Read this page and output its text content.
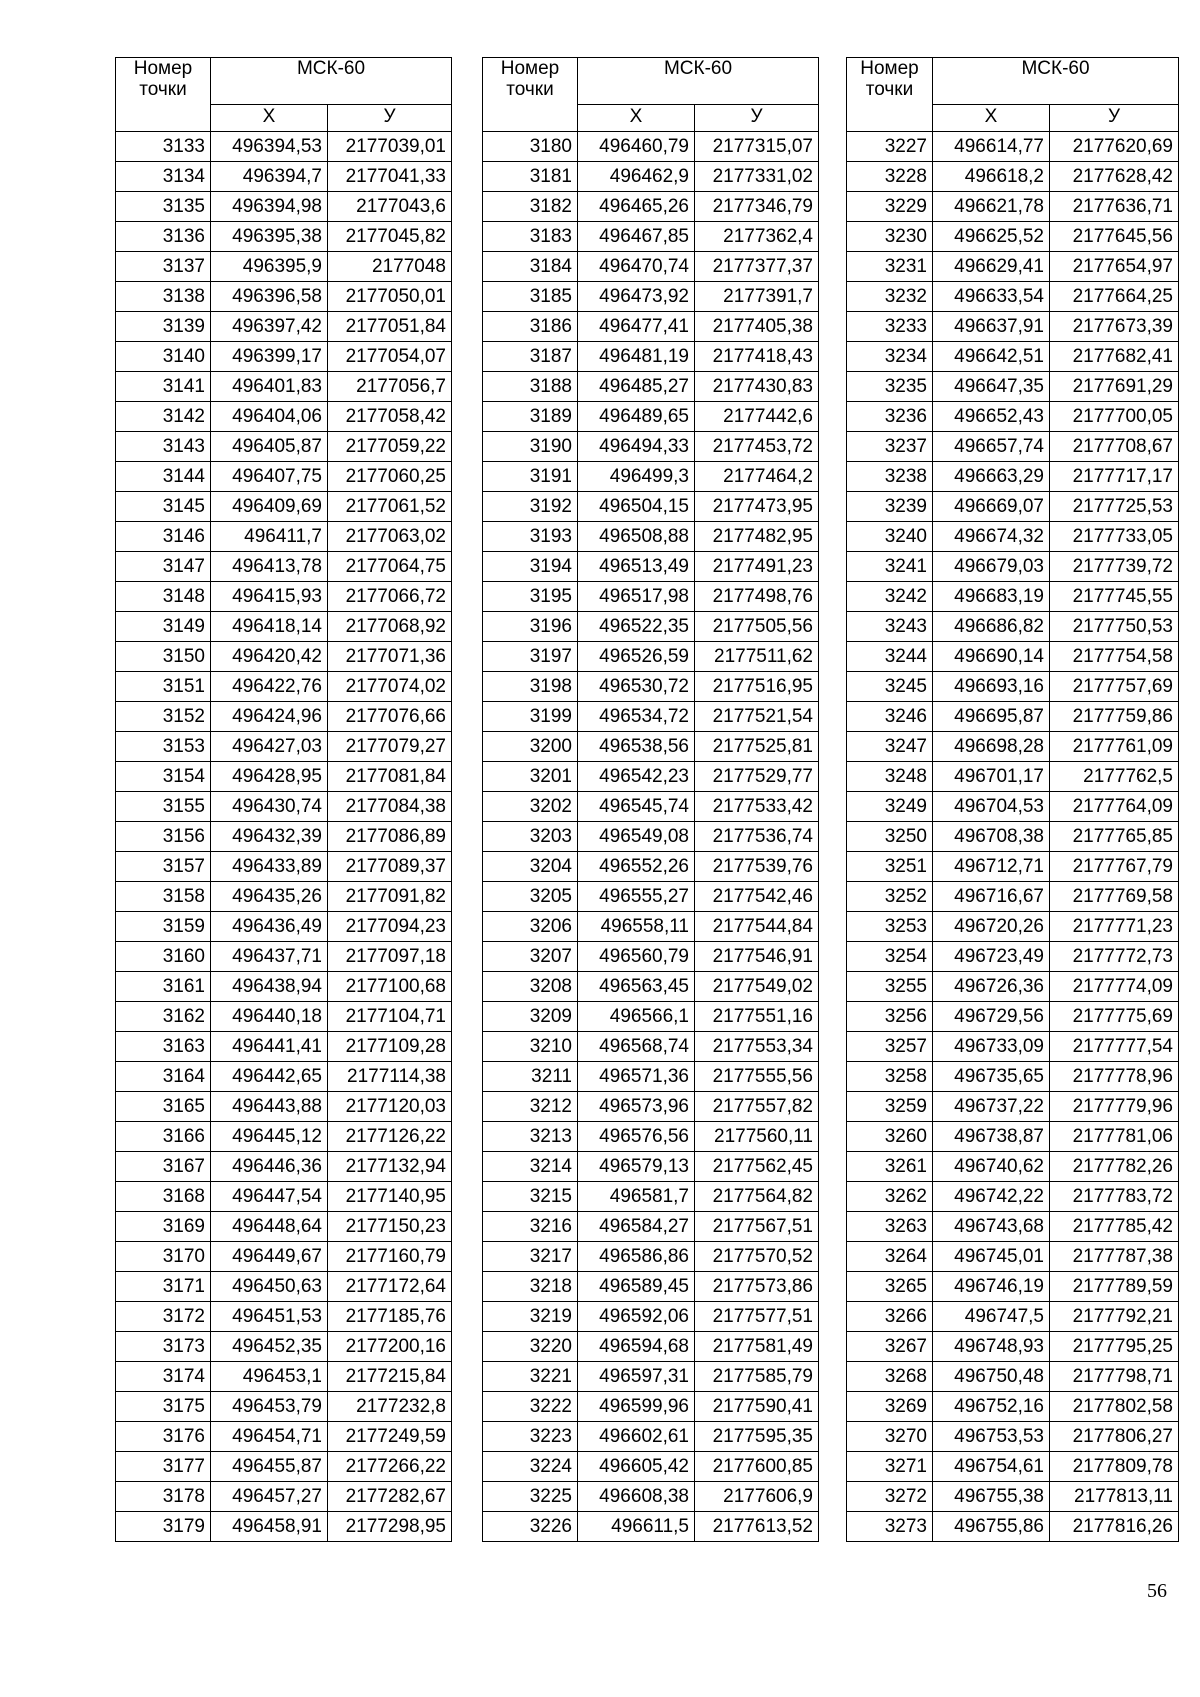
Номер точки	МСК-60	
	Х	У
3133	496394,53	2177039,01
3134	496394,7	2177041,33
3135	496394,98	2177043,6
3136	496395,38	2177045,82
3137	496395,9	2177048
3138	496396,58	2177050,01
3139	496397,42	2177051,84
3140	496399,17	2177054,07
3141	496401,83	2177056,7
3142	496404,06	2177058,42
3143	496405,87	2177059,22
3144	496407,75	2177060,25
3145	496409,69	2177061,52
3146	496411,7	2177063,02
3147	496413,78	2177064,75
3148	496415,93	2177066,72
3149	496418,14	2177068,92
3150	496420,42	2177071,36
3151	496422,76	2177074,02
3152	496424,96	2177076,66
3153	496427,03	2177079,27
3154	496428,95	2177081,84
3155	496430,74	2177084,38
3156	496432,39	2177086,89
3157	496433,89	2177089,37
3158	496435,26	2177091,82
3159	496436,49	2177094,23
3160	496437,71	2177097,18
3161	496438,94	2177100,68
3162	496440,18	2177104,71
3163	496441,41	2177109,28
3164	496442,65	2177114,38
3165	496443,88	2177120,03
3166	496445,12	2177126,22
3167	496446,36	2177132,94
3168	496447,54	2177140,95
3169	496448,64	2177150,23
3170	496449,67	2177160,79
3171	496450,63	2177172,64
3172	496451,53	2177185,76
3173	496452,35	2177200,16
3174	496453,1	2177215,84
3175	496453,79	2177232,8
3176	496454,71	2177249,59
3177	496455,87	2177266,22
3178	496457,27	2177282,67
3179	496458,91	2177298,95
Номер точки	МСК-60	
	Х	У
3180	496460,79	2177315,07
3181	496462,9	2177331,02
3182	496465,26	2177346,79
3183	496467,85	2177362,4
3184	496470,74	2177377,37
3185	496473,92	2177391,7
3186	496477,41	2177405,38
3187	496481,19	2177418,43
3188	496485,27	2177430,83
3189	496489,65	2177442,6
3190	496494,33	2177453,72
3191	496499,3	2177464,2
3192	496504,15	2177473,95
3193	496508,88	2177482,95
3194	496513,49	2177491,23
3195	496517,98	2177498,76
3196	496522,35	2177505,56
3197	496526,59	2177511,62
3198	496530,72	2177516,95
3199	496534,72	2177521,54
3200	496538,56	2177525,81
3201	496542,23	2177529,77
3202	496545,74	2177533,42
3203	496549,08	2177536,74
3204	496552,26	2177539,76
3205	496555,27	2177542,46
3206	496558,11	2177544,84
3207	496560,79	2177546,91
3208	496563,45	2177549,02
3209	496566,1	2177551,16
3210	496568,74	2177553,34
3211	496571,36	2177555,56
3212	496573,96	2177557,82
3213	496576,56	2177560,11
3214	496579,13	2177562,45
3215	496581,7	2177564,82
3216	496584,27	2177567,51
3217	496586,86	2177570,52
3218	496589,45	2177573,86
3219	496592,06	2177577,51
3220	496594,68	2177581,49
3221	496597,31	2177585,79
3222	496599,96	2177590,41
3223	496602,61	2177595,35
3224	496605,42	2177600,85
3225	496608,38	2177606,9
3226	496611,5	2177613,52
Номер точки	МСК-60	
	Х	У
3227	496614,77	2177620,69
3228	496618,2	2177628,42
3229	496621,78	2177636,71
3230	496625,52	2177645,56
3231	496629,41	2177654,97
3232	496633,54	2177664,25
3233	496637,91	2177673,39
3234	496642,51	2177682,41
3235	496647,35	2177691,29
3236	496652,43	2177700,05
3237	496657,74	2177708,67
3238	496663,29	2177717,17
3239	496669,07	2177725,53
3240	496674,32	2177733,05
3241	496679,03	2177739,72
3242	496683,19	2177745,55
3243	496686,82	2177750,53
3244	496690,14	2177754,58
3245	496693,16	2177757,69
3246	496695,87	2177759,86
3247	496698,28	2177761,09
3248	496701,17	2177762,5
3249	496704,53	2177764,09
3250	496708,38	2177765,85
3251	496712,71	2177767,79
3252	496716,67	2177769,58
3253	496720,26	2177771,23
3254	496723,49	2177772,73
3255	496726,36	2177774,09
3256	496729,56	2177775,69
3257	496733,09	2177777,54
3258	496735,65	2177778,96
3259	496737,22	2177779,96
3260	496738,87	2177781,06
3261	496740,62	2177782,26
3262	496742,22	2177783,72
3263	496743,68	2177785,42
3264	496745,01	2177787,38
3265	496746,19	2177789,59
3266	496747,5	2177792,21
3267	496748,93	2177795,25
3268	496750,48	2177798,71
3269	496752,16	2177802,58
3270	496753,53	2177806,27
3271	496754,61	2177809,78
3272	496755,38	2177813,11
3273	496755,86	2177816,26
56
